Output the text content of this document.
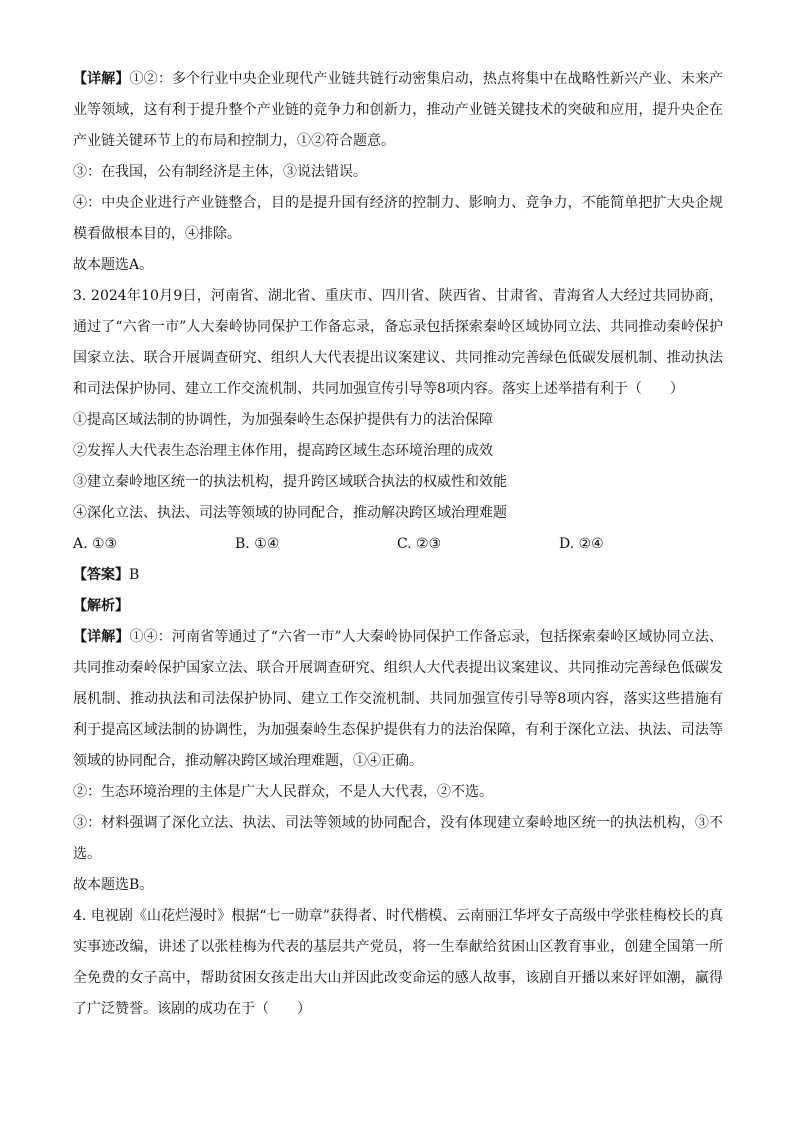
【详解】①②：多个行业中央企业现代产业链共链行动密集启动，热点将集中在战略性新兴产业、未来产业等领域，这有利于提升整个产业链的竞争力和创新力，推动产业链关键技术的突破和应用，提升央企在产业链关键环节上的布局和控制力，①②符合题意。

③：在我国，公有制经济是主体，③说法错误。

④：中央企业进行产业链整合，目的是提升国有经济的控制力、影响力、竞争力，不能简单把扩大央企规模看做根本目的，④排除。

故本题选A。

3. 2024年10月9日，河南省、湖北省、重庆市、四川省、陕西省、甘肃省、青海省人大经过共同协商，通过了“六省一市”人大秦岭协同保护工作备忘录，备忘录包括探索秦岭区域协同立法、共同推动秦岭保护国家立法、联合开展调查研究、组织人大代表提出议案建议、共同推动完善绿色低碳发展机制、推动执法和司法保护协同、建立工作交流机制、共同加强宣传引导等8项内容。落实上述举措有利于（　　）

①提高区域法制的协调性，为加强秦岭生态保护提供有力的法治保障

②发挥人大代表生态治理主体作用，提高跨区域生态环境治理的成效

③建立秦岭地区统一的执法机构，提升跨区域联合执法的权威性和效能

④深化立法、执法、司法等领域的协同配合，推动解决跨区域治理难题

A. ①③	B. ①④	C. ②③	D. ②④

【答案】B

【解析】

【详解】①④：河南省等通过了“六省一市”人大秦岭协同保护工作备忘录，包括探索秦岭区域协同立法、共同推动秦岭保护国家立法、联合开展调查研究、组织人大代表提出议案建议、共同推动完善绿色低碳发展机制、推动执法和司法保护协同、建立工作交流机制、共同加强宣传引导等8项内容，落实这些措施有利于提高区域法制的协调性，为加强秦岭生态保护提供有力的法治保障，有利于深化立法、执法、司法等领域的协同配合，推动解决跨区域治理难题，①④正确。

②：生态环境治理的主体是广大人民群众，不是人大代表，②不选。

③：材料强调了深化立法、执法、司法等领域的协同配合，没有体现建立秦岭地区统一的执法机构，③不选。

故本题选B。

4. 电视剧《山花烂漫时》根据“七一勋章”获得者、时代楷模、云南丽江华坪女子高级中学张桂梅校长的真实事迹改编，讲述了以张桂梅为代表的基层共产党员，将一生奉献给贫困山区教育事业，创建全国第一所全免费的女子高中，帮助贫困女孩走出大山并因此改变命运的感人故事，该剧自开播以来好评如潮，赢得了广泛赞誉。该剧的成功在于（　　）
